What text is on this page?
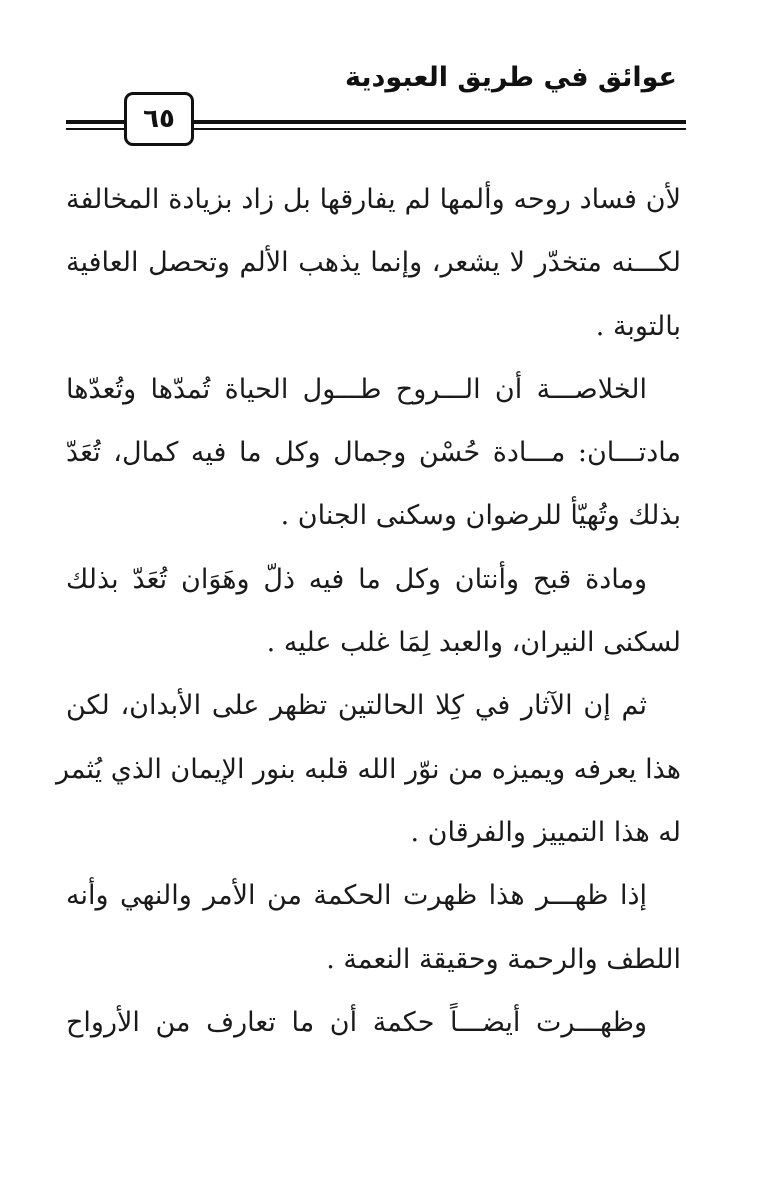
عوائق في طريق العبودية
٦٥
لأن فساد روحه وألمها لم يفارقها بل زاد بزيادة المخالفة
لكـــنه متخدّر لا يشعر، وإنما يذهب الألم وتحصل العافية
بالتوبة .
الخلاصـــة أن الـــروح طـــول الحياة تُمدّها وتُعدّها
مادتـــان: مـــادة حُسْن وجمال وكل ما فيه كمال، تُعَدّ
بذلك وتُهيّأ للرضوان وسكنى الجنان .
ومادة قبح وأنتان وكل ما فيه ذلّ وهَوَان تُعَدّ بذلك
لسكنى النيران، والعبد لِمَا غلب عليه .
ثم إن الآثار في كِلا الحالتين تظهر على الأبدان، لكن
هذا يعرفه ويميزه من نوّر الله قلبه بنور الإيمان الذي يُثمر
له هذا التمييز والفرقان .
إذا ظهـــر هذا ظهرت الحكمة من الأمر والنهي وأنه
اللطف والرحمة وحقيقة النعمة .
وظهـــرت أيضـــاً حكمة أن ما تعارف من الأرواح
